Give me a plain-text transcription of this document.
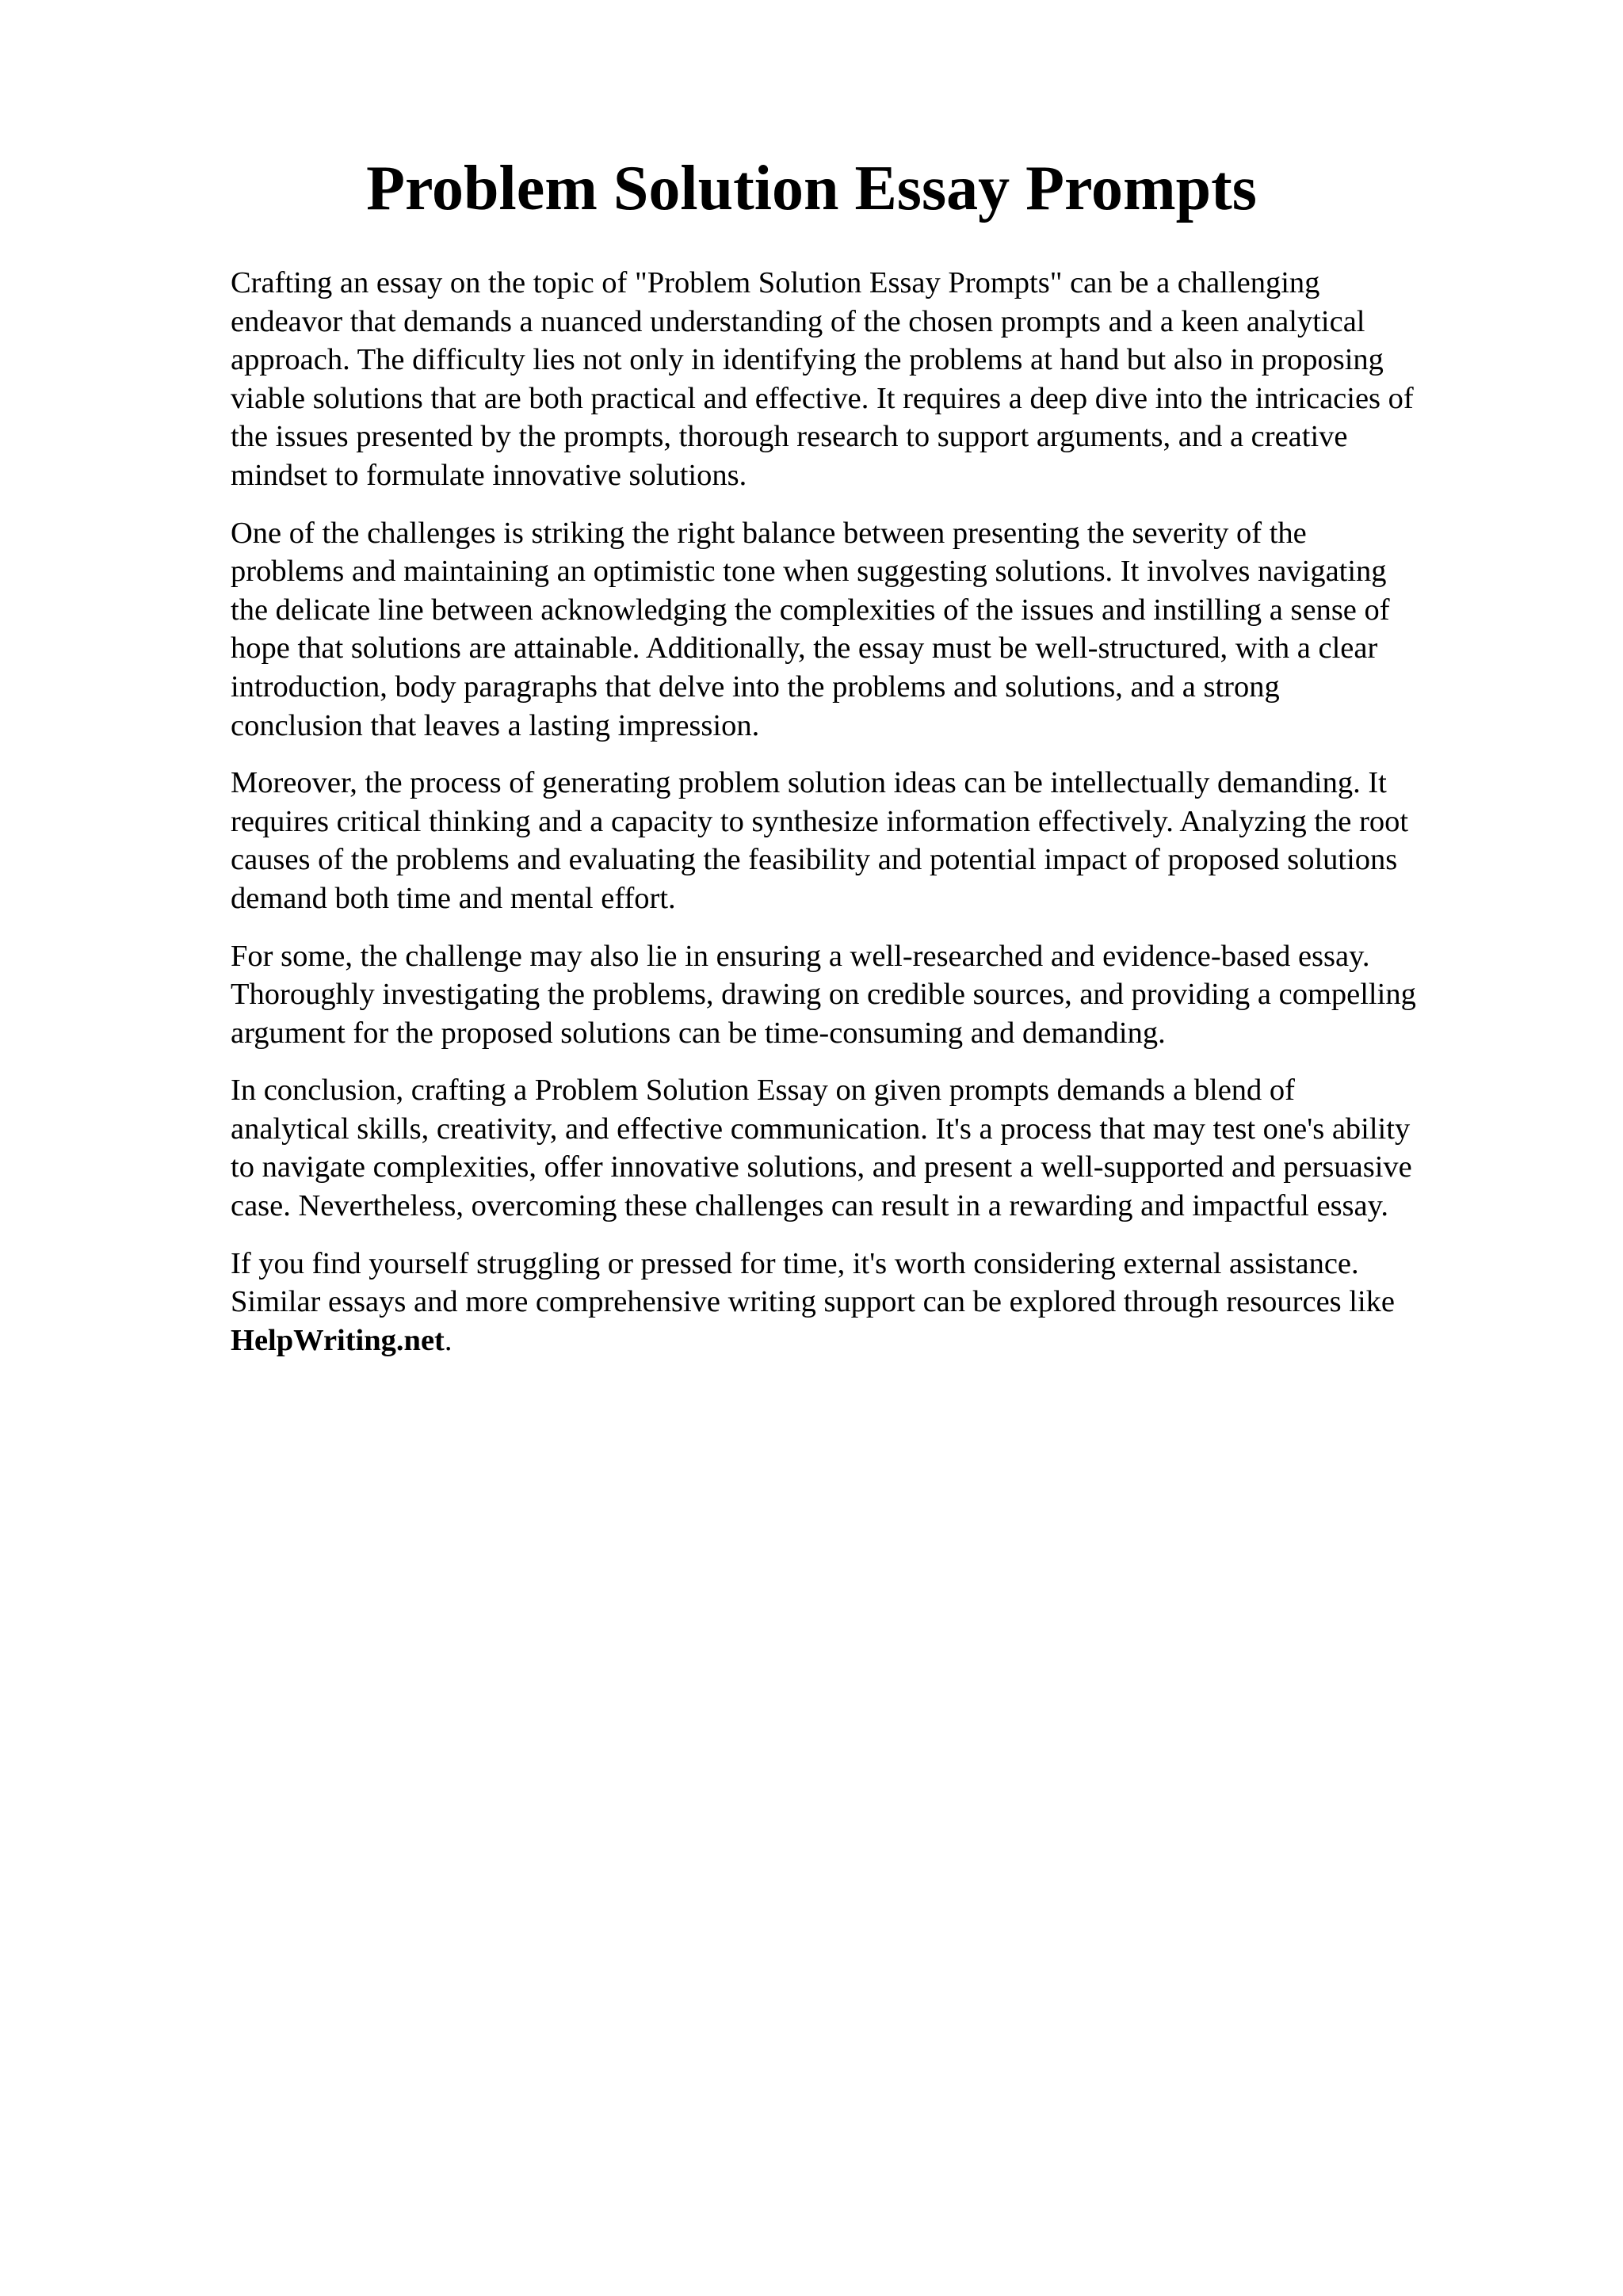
Problem Solution Essay Prompts

Crafting an essay on the topic of "Problem Solution Essay Prompts" can be a challenging
endeavor that demands a nuanced understanding of the chosen prompts and a keen analytical
approach. The difficulty lies not only in identifying the problems at hand but also in proposing
viable solutions that are both practical and effective. It requires a deep dive into the intricacies of
the issues presented by the prompts, thorough research to support arguments, and a creative
mindset to formulate innovative solutions.

One of the challenges is striking the right balance between presenting the severity of the
problems and maintaining an optimistic tone when suggesting solutions. It involves navigating
the delicate line between acknowledging the complexities of the issues and instilling a sense of
hope that solutions are attainable. Additionally, the essay must be well-structured, with a clear
introduction, body paragraphs that delve into the problems and solutions, and a strong
conclusion that leaves a lasting impression.

Moreover, the process of generating problem solution ideas can be intellectually demanding. It
requires critical thinking and a capacity to synthesize information effectively. Analyzing the root
causes of the problems and evaluating the feasibility and potential impact of proposed solutions
demand both time and mental effort.

For some, the challenge may also lie in ensuring a well-researched and evidence-based essay.
Thoroughly investigating the problems, drawing on credible sources, and providing a compelling
argument for the proposed solutions can be time-consuming and demanding.

In conclusion, crafting a Problem Solution Essay on given prompts demands a blend of
analytical skills, creativity, and effective communication. It's a process that may test one's ability
to navigate complexities, offer innovative solutions, and present a well-supported and persuasive
case. Nevertheless, overcoming these challenges can result in a rewarding and impactful essay.

If you find yourself struggling or pressed for time, it's worth considering external assistance.
Similar essays and more comprehensive writing support can be explored through resources like
HelpWriting.net.
